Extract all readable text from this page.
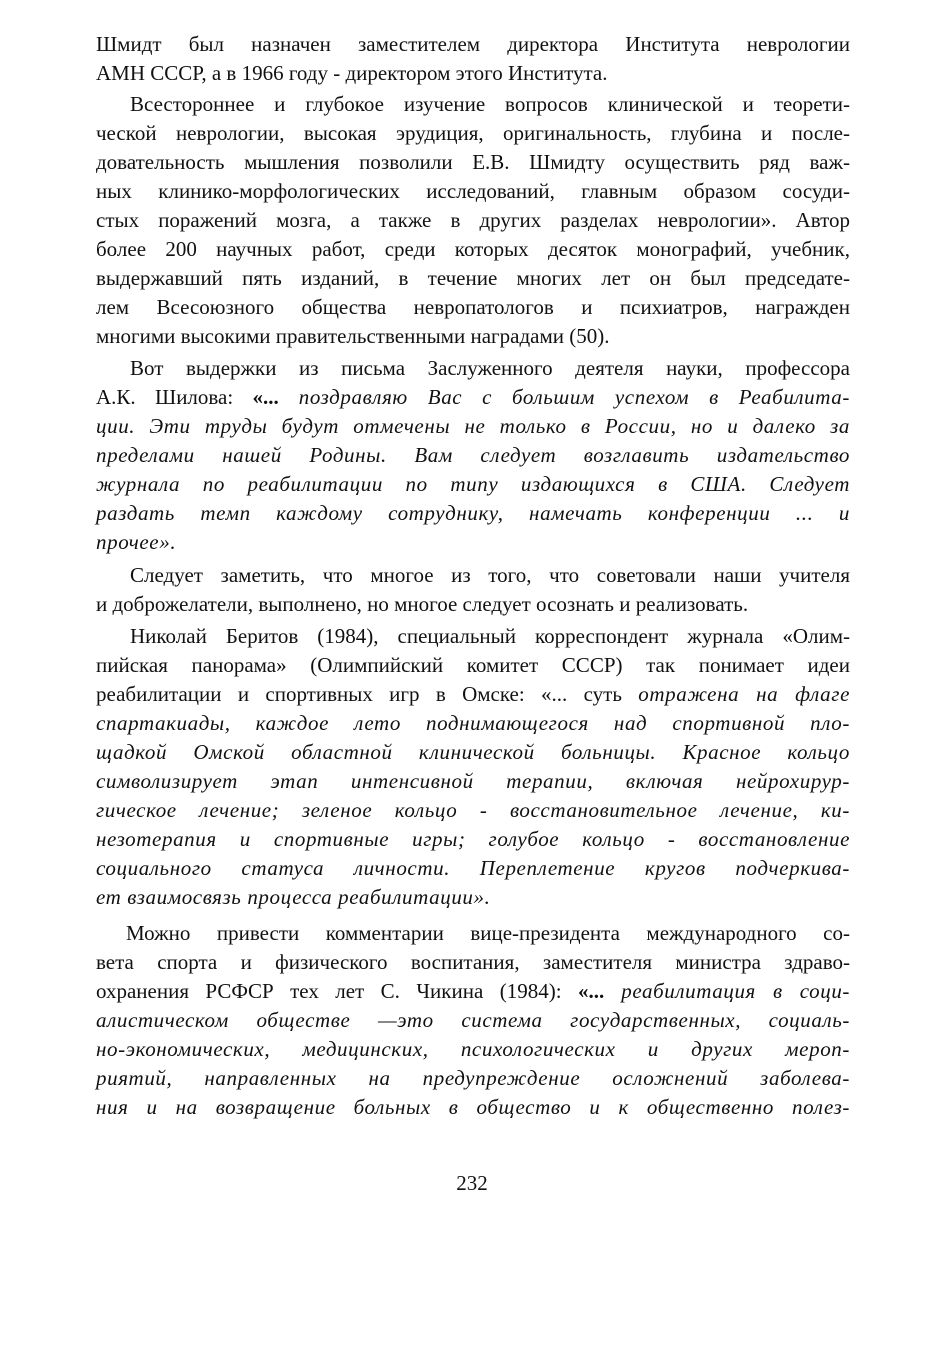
Шмидт был назначен заместителем директора Института неврологии
АМН СССР, а в 1966 году - директором этого Института.
Всестороннее и глубокое изучение вопросов клинической и теорети-
ческой неврологии, высокая эрудиция, оригинальность, глубина и после-
довательность мышления позволили Е.В. Шмидту осуществить ряд важ-
ных клинико-морфологических исследований, главным образом сосуди-
стых поражений мозга, а также в других разделах неврологии». Автор
более 200 научных работ, среди которых десяток монографий, учебник,
выдержавший пять изданий, в течение многих лет он был председате-
лем Всесоюзного общества невропатологов и психиатров, награжден
многими высокими правительственными наградами (50).
Вот выдержки из письма Заслуженного деятеля науки, профессора
А.К. Шилова: «... поздравляю Вас с большим успехом в Реабилита-
ции. Эти труды будут отмечены не только в России, но и далеко за
пределами нашей Родины. Вам следует возглавить издательство
журнала по реабилитации по типу издающихся в США. Следует
раздать темп каждому сотруднику, намечать конференции ... и
прочее».
Следует заметить, что многое из того, что советовали наши учителя
и доброжелатели, выполнено, но многое следует осознать и реализовать.
Николай Беритов (1984), специальный корреспондент журнала «Олим-
пийская панорама» (Олимпийский комитет СССР) так понимает идеи
реабилитации и спортивных игр в Омске: «... суть отражена на флаге
спартакиады, каждое лето поднимающегося над спортивной пло-
щадкой Омской областной клинической больницы. Красное кольцо
символизирует этап интенсивной терапии, включая нейрохирур-
гическое лечение; зеленое кольцо - восстановительное лечение, ки-
незотерапия и спортивные игры; голубое кольцо - восстановление
социального статуса личности. Переплетение кругов подчеркива-
ет взаимосвязь процесса реабилитации».
Можно привести комментарии вице-президента международного со-
вета спорта и физического воспитания, заместителя министра здраво-
охранения РСФСР тех лет С. Чикина (1984): «... реабилитация в соци-
алистическом обществе —это система государственных, социаль-
но-экономических, медицинских, психологических и других мероп-
риятий, направленных на предупреждение осложнений заболева-
ния и на возвращение больных в общество и к общественно полез-
232
